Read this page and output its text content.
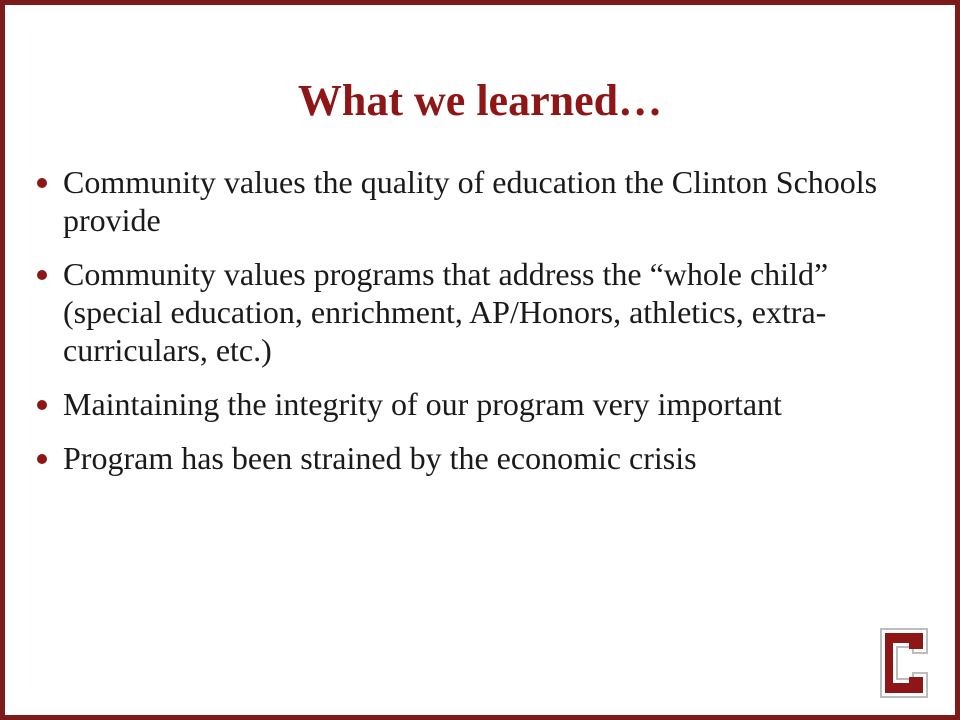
What we learned…
Community values the quality of education the Clinton Schools provide
Community values programs that address the “whole child” (special education, enrichment, AP/Honors, athletics, extra-curriculars, etc.)
Maintaining the integrity of our program very important
Program has been strained by the economic crisis
